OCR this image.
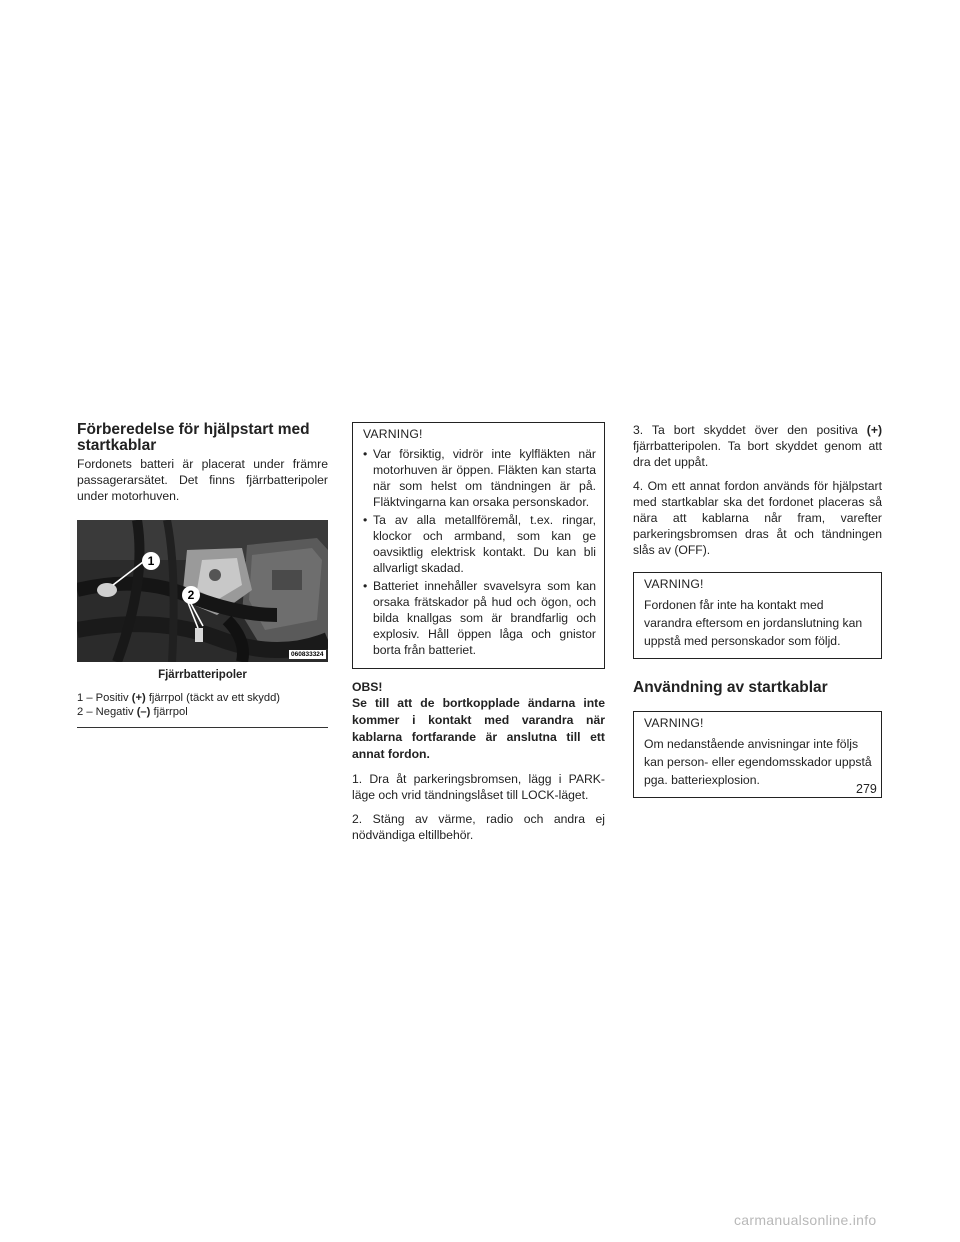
Förberedelse för hjälpstart med startkablar

Fordonets batteri är placerat under främre passagerarsätet. Det finns fjärrbatteripoler under motorhuven.

1
2
060833324
Fjärrbatteripoler
1 – Positiv (+) fjärrpol (täckt av ett skydd)
2 – Negativ (–) fjärrpol
VARNING!
• Var försiktig, vidrör inte kylfläkten när motorhuven är öppen. Fläkten kan starta när som helst om tändningen är på. Fläktvingarna kan orsaka personskador.
• Ta av alla metallföremål, t.ex. ringar, klockor och armband, som kan ge oavsiktlig elektrisk kontakt. Du kan bli allvarligt skadad.
• Batteriet innehåller svavelsyra som kan orsaka frätskador på hud och ögon, och bilda knallgas som är brandfarlig och explosiv. Håll öppen låga och gnistor borta från batteriet.
OBS!

Se till att de bortkopplade ändarna inte kommer i kontakt med varandra när kablarna fortfarande är anslutna till ett annat fordon.

1. Dra åt parkeringsbromsen, lägg i PARK-läge och vrid tändningslåset till LOCK-läget.

2. Stäng av värme, radio och andra ej nödvändiga eltillbehör.

3. Ta bort skyddet över den positiva (+) fjärrbatteripolen. Ta bort skyddet genom att dra det uppåt.

4. Om ett annat fordon används för hjälpstart med startkablar ska det fordonet placeras så nära att kablarna når fram, varefter parkeringsbromsen dras åt och tändningen slås av (OFF).

VARNING!

Fordonen får inte ha kontakt med varandra eftersom en jordanslutning kan uppstå med personskador som följd.

Användning av startkablar
VARNING!

Om nedanstående anvisningar inte följs kan person- eller egendomsskador uppstå pga. batteriexplosion.

279
carmanualsonline.info
